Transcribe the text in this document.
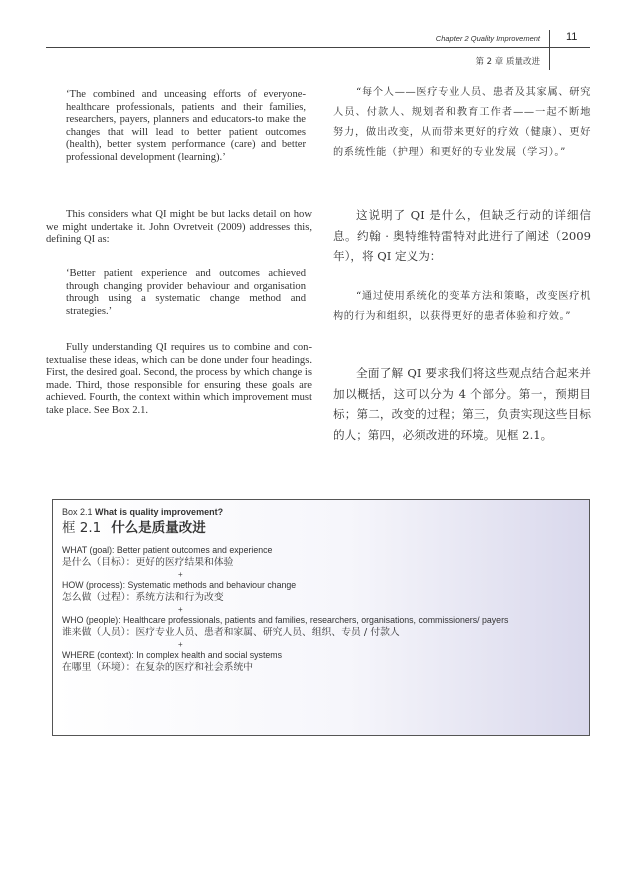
Chapter 2 Quality Improvement 11
第 2 章 质量改进

‘The combined and unceasing efforts of everyone-healthcare professionals, patients and their families, researchers, payers, planners and educators-to make the changes that will lead to better patient outcomes (health), better system performance (care) and better professional development (learning).’

This considers what QI might be but lacks detail on how we might undertake it. John Ovretveit (2009) addresses this, defining QI as:

‘Better patient experience and outcomes achieved through changing provider behaviour and organisation through using a systematic change method and strategies.’

Fully understanding QI requires us to combine and con-textualise these ideas, which can be done under four headings. First, the desired goal. Second, the process by which change is made. Third, those responsible for ensuring these goals are achieved. Fourth, the context within which improvement must take place. See Box 2.1.

“每个人——医疗专业人员、患者及其家属、研究人员、付款人、规划者和教育工作者——一起不断地努力，做出改变，从而带来更好的疗效（健康）、更好的系统性能（护理）和更好的专业发展（学习）。”

这说明了 QI 是什么，但缺乏行动的详细信息。约翰 · 奥特维特雷特对此进行了阐述（2009 年），将 QI 定义为：

“通过使用系统化的变革方法和策略，改变医疗机构的行为和组织，以获得更好的患者体验和疗效。”

全面了解 QI 要求我们将这些观点结合起来并加以概括，这可以分为 4 个部分。第一，预期目标；第二，改变的过程；第三，负责实现这些目标的人；第四，必须改进的环境。见框 2.1。

Box 2.1 What is quality improvement?
框 2.1 什么是质量改进
WHAT (goal): Better patient outcomes and experience
是什么（目标）：更好的医疗结果和体验
+
HOW (process): Systematic methods and behaviour change
怎么做（过程）：系统方法和行为改变
+
WHO (people): Healthcare professionals, patients and families, researchers, organisations, commissioners/ payers
谁来做（人员）：医疗专业人员、患者和家属、研究人员、组织、专员 / 付款人
+
WHERE (context): In complex health and social systems
在哪里（环境）：在复杂的医疗和社会系统中
